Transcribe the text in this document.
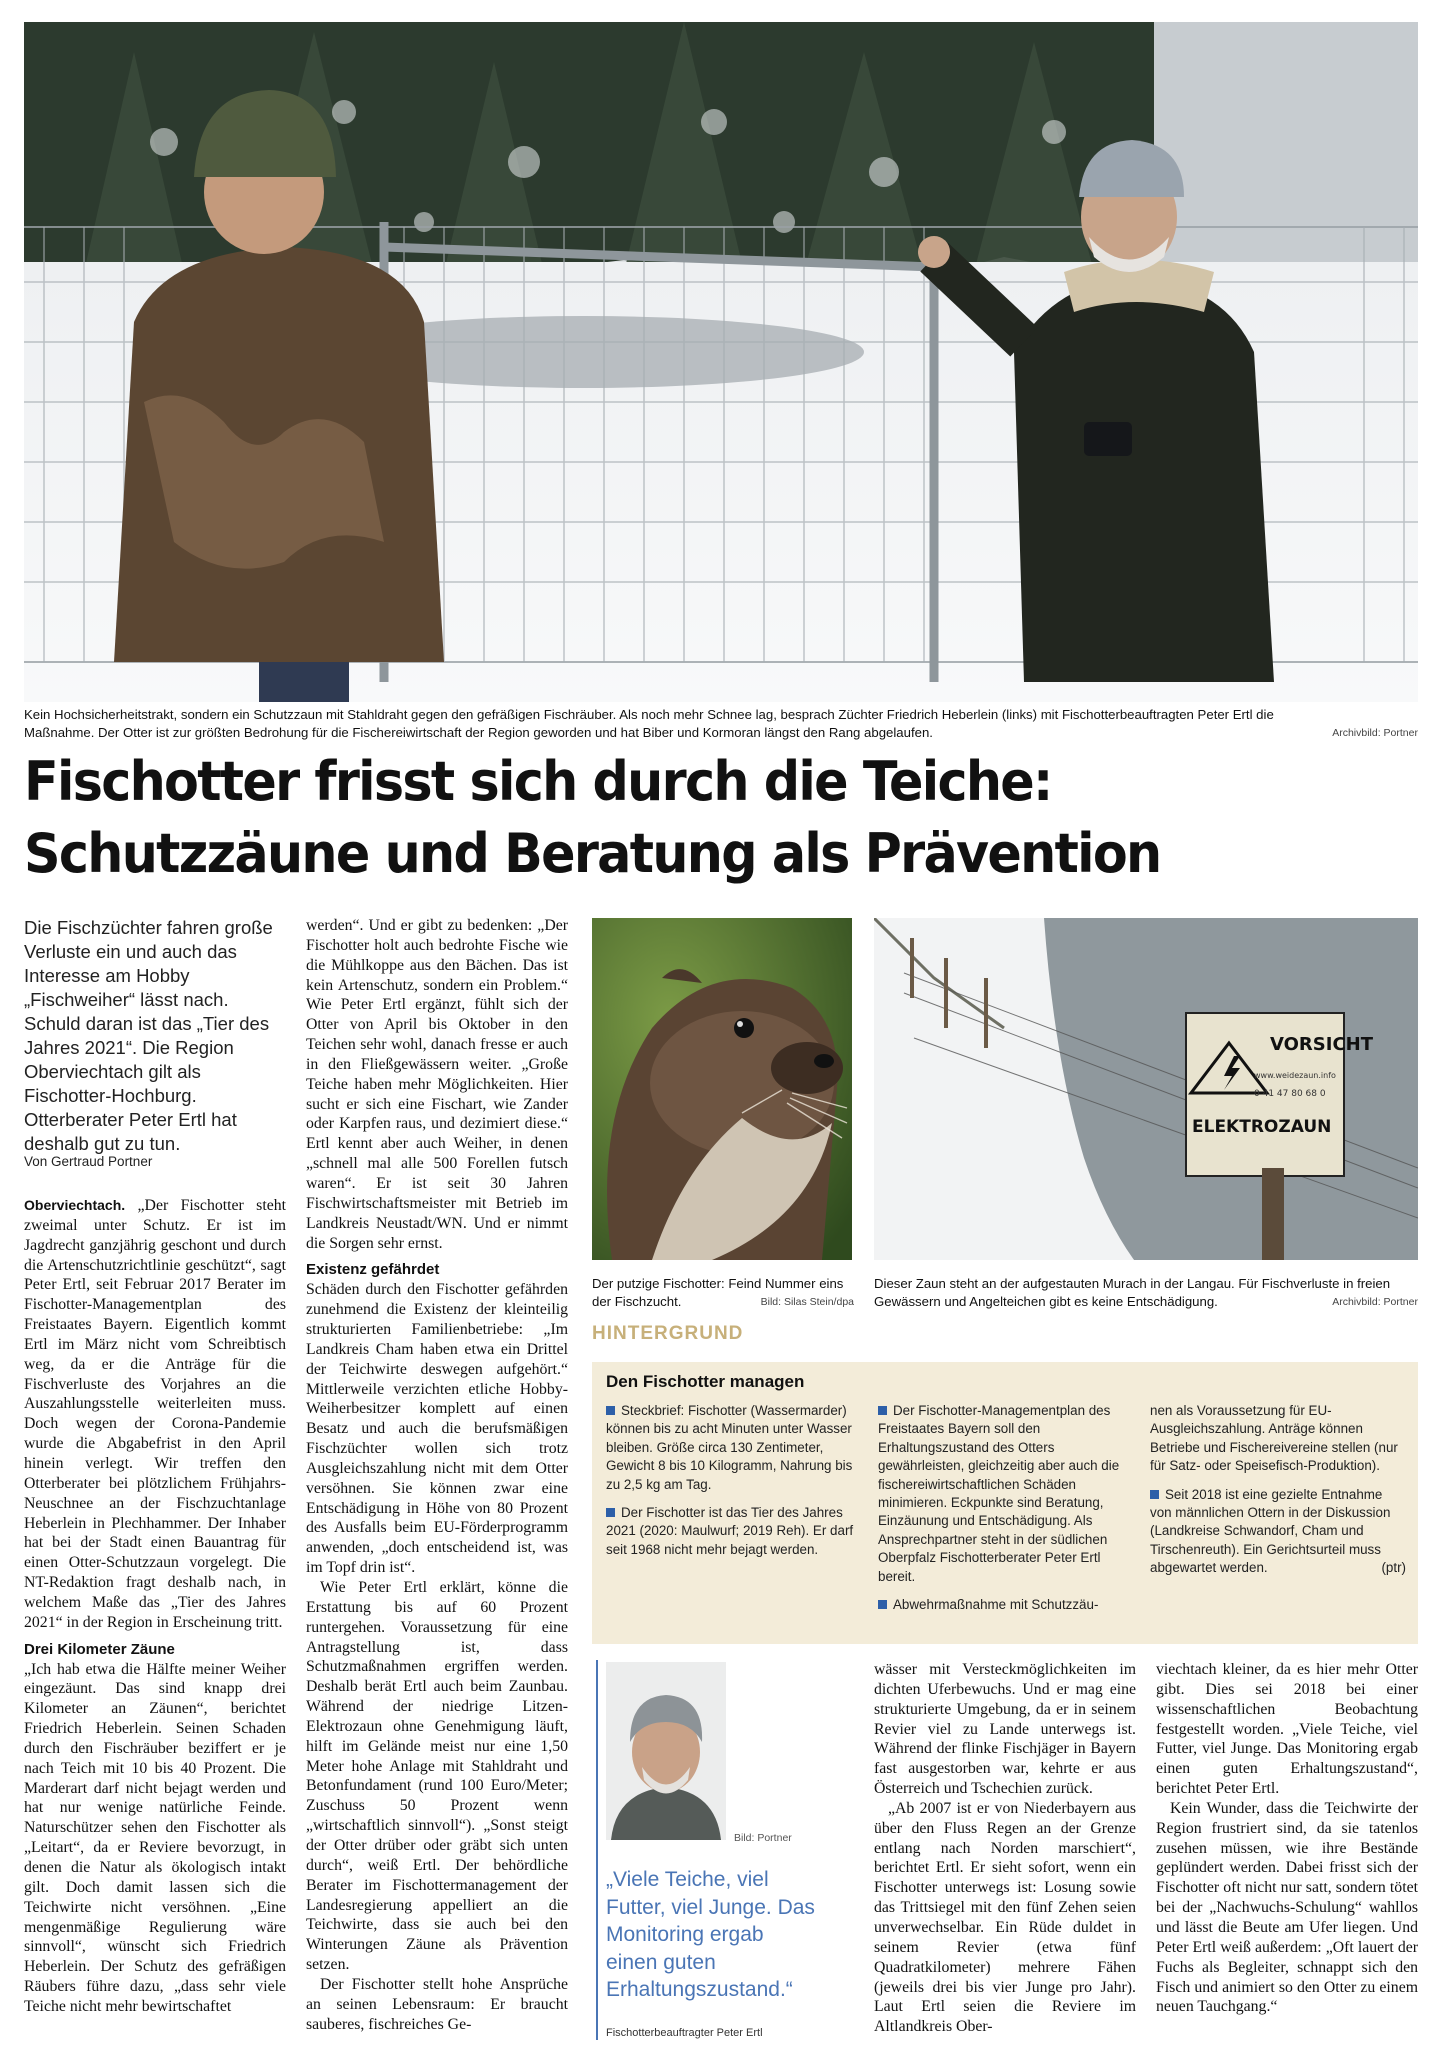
Archivbild: Portner
Kein Hochsicherheitstrakt, sondern ein Schutzzaun mit Stahldraht gegen den gefräßigen Fischräuber. Als noch mehr Schnee lag, besprach Züchter Friedrich Heberlein (links) mit Fischotterbeauftragten Peter Ertl die Maßnahme. Der Otter ist zur größten Bedrohung für die Fischereiwirtschaft der Region geworden und hat Biber und Kormoran längst den Rang abgelaufen.
Fischotter frisst sich durch die Teiche:
Schutzzäune und Beratung als Prävention
Die Fischzüchter fahren große Verluste ein und auch das Interesse am Hobby „Fischweiher“ lässt nach. Schuld daran ist das „Tier des Jahres 2021“. Die Region Oberviechtach gilt als Fischotter-Hochburg. Otterberater Peter Ertl hat deshalb gut zu tun.
Von Gertraud Portner

Oberviechtach. „Der Fischotter steht zweimal unter Schutz. Er ist im Jagdrecht ganzjährig geschont und durch die Artenschutzrichtlinie geschützt“, sagt Peter Ertl, seit Februar 2017 Berater im Fischotter-Managementplan des Freistaates Bayern. Eigentlich kommt Ertl im März nicht vom Schreibtisch weg, da er die Anträge für die Fischverluste des Vorjahres an die Auszahlungsstelle weiterleiten muss. Doch wegen der Corona-Pandemie wurde die Abgabefrist in den April hinein verlegt. Wir treffen den Otterberater bei plötzlichem Frühjahrs-Neuschnee an der Fischzuchtanlage Heberlein in Plechhammer. Der Inhaber hat bei der Stadt einen Bauantrag für einen Otter-Schutzzaun vorgelegt. Die NT-Redaktion fragt deshalb nach, in welchem Maße das „Tier des Jahres 2021“ in der Region in Erscheinung tritt.

Drei Kilometer Zäune

„Ich hab etwa die Hälfte meiner Weiher eingezäunt. Das sind knapp drei Kilometer an Zäunen“, berichtet Friedrich Heberlein. Seinen Schaden durch den Fischräuber beziffert er je nach Teich mit 10 bis 40 Prozent. Die Marderart darf nicht bejagt werden und hat nur wenige natürliche Feinde. Naturschützer sehen den Fischotter als „Leitart“, da er Reviere bevorzugt, in denen die Natur als ökologisch intakt gilt. Doch damit lassen sich die Teichwirte nicht versöhnen. „Eine mengenmäßige Regulierung wäre sinnvoll“, wünscht sich Friedrich Heberlein. Der Schutz des gefräßigen Räubers führe dazu, „dass sehr viele Teiche nicht mehr bewirtschaftet

werden“. Und er gibt zu bedenken: „Der Fischotter holt auch bedrohte Fische wie die Mühlkoppe aus den Bächen. Das ist kein Artenschutz, sondern ein Problem.“ Wie Peter Ertl ergänzt, fühlt sich der Otter von April bis Oktober in den Teichen sehr wohl, danach fresse er auch in den Fließgewässern weiter. „Große Teiche haben mehr Möglichkeiten. Hier sucht er sich eine Fischart, wie Zander oder Karpfen raus, und dezimiert diese.“ Ertl kennt aber auch Weiher, in denen „schnell mal alle 500 Forellen futsch waren“. Er ist seit 30 Jahren Fischwirtschaftsmeister mit Betrieb im Landkreis Neustadt/WN. Und er nimmt die Sorgen sehr ernst.

Existenz gefährdet

Schäden durch den Fischotter gefährden zunehmend die Existenz der kleinteilig strukturierten Familienbetriebe: „Im Landkreis Cham haben etwa ein Drittel der Teichwirte deswegen aufgehört.“ Mittlerweile verzichten etliche Hobby-Weiherbesitzer komplett auf einen Besatz und auch die berufsmäßigen Fischzüchter wollen sich trotz Ausgleichszahlung nicht mit dem Otter versöhnen. Sie können zwar eine Entschädigung in Höhe von 80 Prozent des Ausfalls beim EU-Förderprogramm anwenden, „doch entscheidend ist, was im Topf drin ist“.

Wie Peter Ertl erklärt, könne die Erstattung bis auf 60 Prozent runtergehen. Voraussetzung für eine Antragstellung ist, dass Schutzmaßnahmen ergriffen werden. Deshalb berät Ertl auch beim Zaunbau. Während der niedrige Litzen-Elektrozaun ohne Genehmigung läuft, hilft im Gelände meist nur eine 1,50 Meter hohe Anlage mit Stahldraht und Betonfundament (rund 100 Euro/Meter; Zuschuss 50 Prozent wenn „wirtschaftlich sinnvoll“). „Sonst steigt der Otter drüber oder gräbt sich unten durch“, weiß Ertl. Der behördliche Berater im Fischottermanagement der Landesregierung appelliert an die Teichwirte, dass sie auch bei den Winterungen Zäune als Prävention setzen.

Der Fischotter stellt hohe Ansprüche an seinen Lebensraum: Er braucht sauberes, fischreiches Ge-

Der putzige Fischotter: Feind Nummer eins der Fischzucht.	Bild: Silas Stein/dpa
VORSICHT
www.weidezaun.info
0 41 47 80 68 0
ELEKTROZAUN
Dieser Zaun steht an der aufgestauten Murach in der Langau. Für Fischverluste in freien Gewässern und Angelteichen gibt es keine Entschädigung.	Archivbild: Portner
HINTERGRUND
Den Fischotter managen

Steckbrief: Fischotter (Wassermarder) können bis zu acht Minuten unter Wasser bleiben. Größe circa 130 Zentimeter, Gewicht 8 bis 10 Kilogramm, Nahrung bis zu 2,5 kg am Tag.

Der Fischotter ist das Tier des Jahres 2021 (2020: Maulwurf; 2019 Reh). Er darf seit 1968 nicht mehr bejagt werden.

Der Fischotter-Managementplan des Freistaates Bayern soll den Erhaltungszustand des Otters gewährleisten, gleichzeitig aber auch die fischereiwirtschaftlichen Schäden minimieren. Eckpunkte sind Beratung, Einzäunung und Entschädigung. Als Ansprechpartner steht in der südlichen Oberpfalz Fischotterberater Peter Ertl bereit.

Abwehrmaßnahme mit Schutzzäu-

nen als Voraussetzung für EU-Ausgleichszahlung. Anträge können Betriebe und Fischereivereine stellen (nur für Satz- oder Speisefisch-Produktion).

Seit 2018 ist eine gezielte Entnahme von männlichen Ottern in der Diskussion (Landkreise Schwandorf, Cham und Tirschenreuth). Ein Gerichtsurteil muss abgewartet werden.	(ptr)

Bild: Portner
„Viele Teiche, viel Futter, viel Junge. Das Monitoring ergab einen guten Erhaltungszustand.“
Fischotterbeauftragter Peter Ertl

wässer mit Versteckmöglichkeiten im dichten Uferbewuchs. Und er mag eine strukturierte Umgebung, da er in seinem Revier viel zu Lande unterwegs ist. Während der flinke Fischjäger in Bayern fast ausgestorben war, kehrte er aus Österreich und Tschechien zurück.

„Ab 2007 ist er von Niederbayern aus über den Fluss Regen an der Grenze entlang nach Norden marschiert“, berichtet Ertl. Er sieht sofort, wenn ein Fischotter unterwegs ist: Losung sowie das Trittsiegel mit den fünf Zehen seien unverwechselbar. Ein Rüde duldet in seinem Revier (etwa fünf Quadratkilometer) mehrere Fähen (jeweils drei bis vier Junge pro Jahr). Laut Ertl seien die Reviere im Altlandkreis Ober-

viechtach kleiner, da es hier mehr Otter gibt. Dies sei 2018 bei einer wissenschaftlichen Beobachtung festgestellt worden. „Viele Teiche, viel Futter, viel Junge. Das Monitoring ergab einen guten Erhaltungszustand“, berichtet Peter Ertl.

Kein Wunder, dass die Teichwirte der Region frustriert sind, da sie tatenlos zusehen müssen, wie ihre Bestände geplündert werden. Dabei frisst sich der Fischotter oft nicht nur satt, sondern tötet bei der „Nachwuchs-Schulung“ wahllos und lässt die Beute am Ufer liegen. Und Peter Ertl weiß außerdem: „Oft lauert der Fuchs als Begleiter, schnappt sich den Fisch und animiert so den Otter zu einem neuen Tauchgang.“
